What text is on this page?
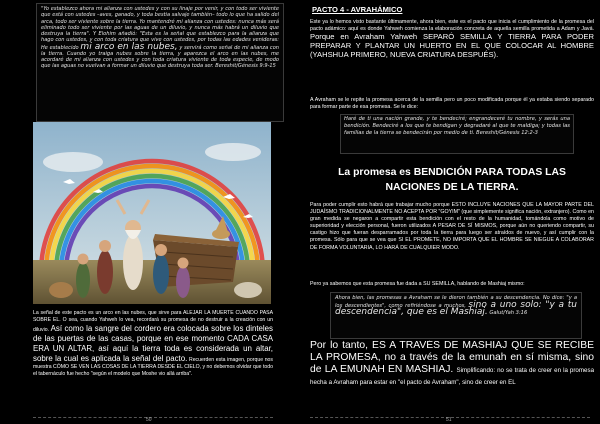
"Yo establezco ahora mi alianza con ustedes y con su linaje por venir, y con todo ser viviente que está con ustedes –aves, ganado, y toda bestia salvaje también– todo lo que ha salido del arca, todo ser viviente sobre la tierra. Yo mantendré mi alianza con ustedes: nunca más será eliminado todo ser viviente por las aguas de un diluvio, y nunca más habrá un diluvio que destruya la tierra". Y Elohim añadió: "Esta es la señal que establezco para la alianza que hago con ustedes, y con toda criatura que vive con ustedes, por todas las edades venideras: He establecido mi arco en las nubes, y servirá como señal de mi alianza con la tierra. Cuando yo traiga nubes sobre la tierra, y aparezca el arco en las nubes, me acordaré de mi alianza con ustedes y con toda criatura viviente de toda especie, de modo que las aguas no vuelvan a formar un diluvio que destruya toda ser. Bereshit/Génesis 9:9-15

La señal de este pacto es un arco en las nubes, que sirve para ALEJAR LA MUERTE CUANDO PASA SOBRE EL. O sea, cuando Yahweh lo vea, recordará su promesa de no destruir a la creación con un diluvio. Así como la sangre del cordero era colocada sobre los dinteles de las puertas de las casas, porque en ese momento CADA CASA ERA UN ALTAR, así aquí la tierra toda es considerada un altar, sobre la cual es aplicada la señal del pacto. Recuerden esta imagen, porque nos muestra CÓMO SE VEN LAS COSAS DE LA TIERRA DESDE EL CIELO, y no debemos olvidar que todo el tabernáculo fue hecho "según el modelo que Moshe vio allá arriba".

50
PACTO 4 - AVRAHÁMICO

Este ya lo hemos visto bastante últimamente, ahora bien, este es el pacto que inicia el cumplimiento de la promesa del pacto adámico: aquí es donde Yahweh comienza la elaboración concreta de aquella semilla prometida a Adam y Javá. Porque en Avraham Yahweh SEPARÓ SEMILLA Y TIERRA PARA PODER PREPARAR Y PLANTAR UN HUERTO EN EL QUE COLOCAR AL HOMBRE (YAHSHUA PRIMERO, NUEVA CRIATURA DESPUÉS).

A Avraham se le repite la promesa acerca de la semilla pero un poco modificada porque él ya estaba siendo separado para formar parte de esa promesa. Se le dice:

Haré de ti una nación grande, y te bendeciré; engrandeceré tu nombre, y serás una bendición. Bendeciré a los que te bendigan y degradaré al que te maldiga; y todas las familias de la tierra se bendecirán por medio de ti. Bereshit/Génesis 12:2-3

La promesa es BENDICIÓN PARA TODAS LAS NACIONES DE LA TIERRA.

Para poder cumplir esto habrá que trabajar mucho porque ESTO INCLUYE NACIONES QUE LA MAYOR PARTE DEL JUDAÍSMO TRADICIONALMENTE NO ACEPTA POR "GOYIM" (que simplemente significa nación, extranjero). Como en gran medida se negaron a compartir esta bendición con el resto de la humanidad, tomándola como motivo de superioridad y elección personal, fueron utilizados A PESAR DE SÍ MISMOS, porque aún no queriendo compartir, su castigo hizo que fueran desparramados por toda la tierra para luego ser atraídos de nuevo, y así cumplir con la promesa. Sólo para que se vea que SI EL PROMETE, NO IMPORTA QUE EL HOMBRE SE NIEGUE A COLABORAR DE FORMA VOLUNTARIA, LO HARÁ DE CUALQUIER MODO.

Pero ya sabemos que esta promesa fue dada a SU SEMILLA, hablando de Mashiaj mismo:

Ahora bien, las promesas a Avraham se le dieron también a su descendencia. No dice: "y a los descendientes", como refiriéndose a muchos, sino a uno solo: "y a tu descendencia", que es el Mashiaj. Galut/Yah 3:16

Por lo tanto, ES A TRAVÉS DE MASHIAJ QUE SE RECIBE LA PROMESA, no a través de la emunah en sí misma, sino de LA EMUNAH EN MASHIAJ. Simplificando: no se trata de creer en la promesa hecha a Avraham para estar en "el pacto de Avraham", sino de creer en EL

51
